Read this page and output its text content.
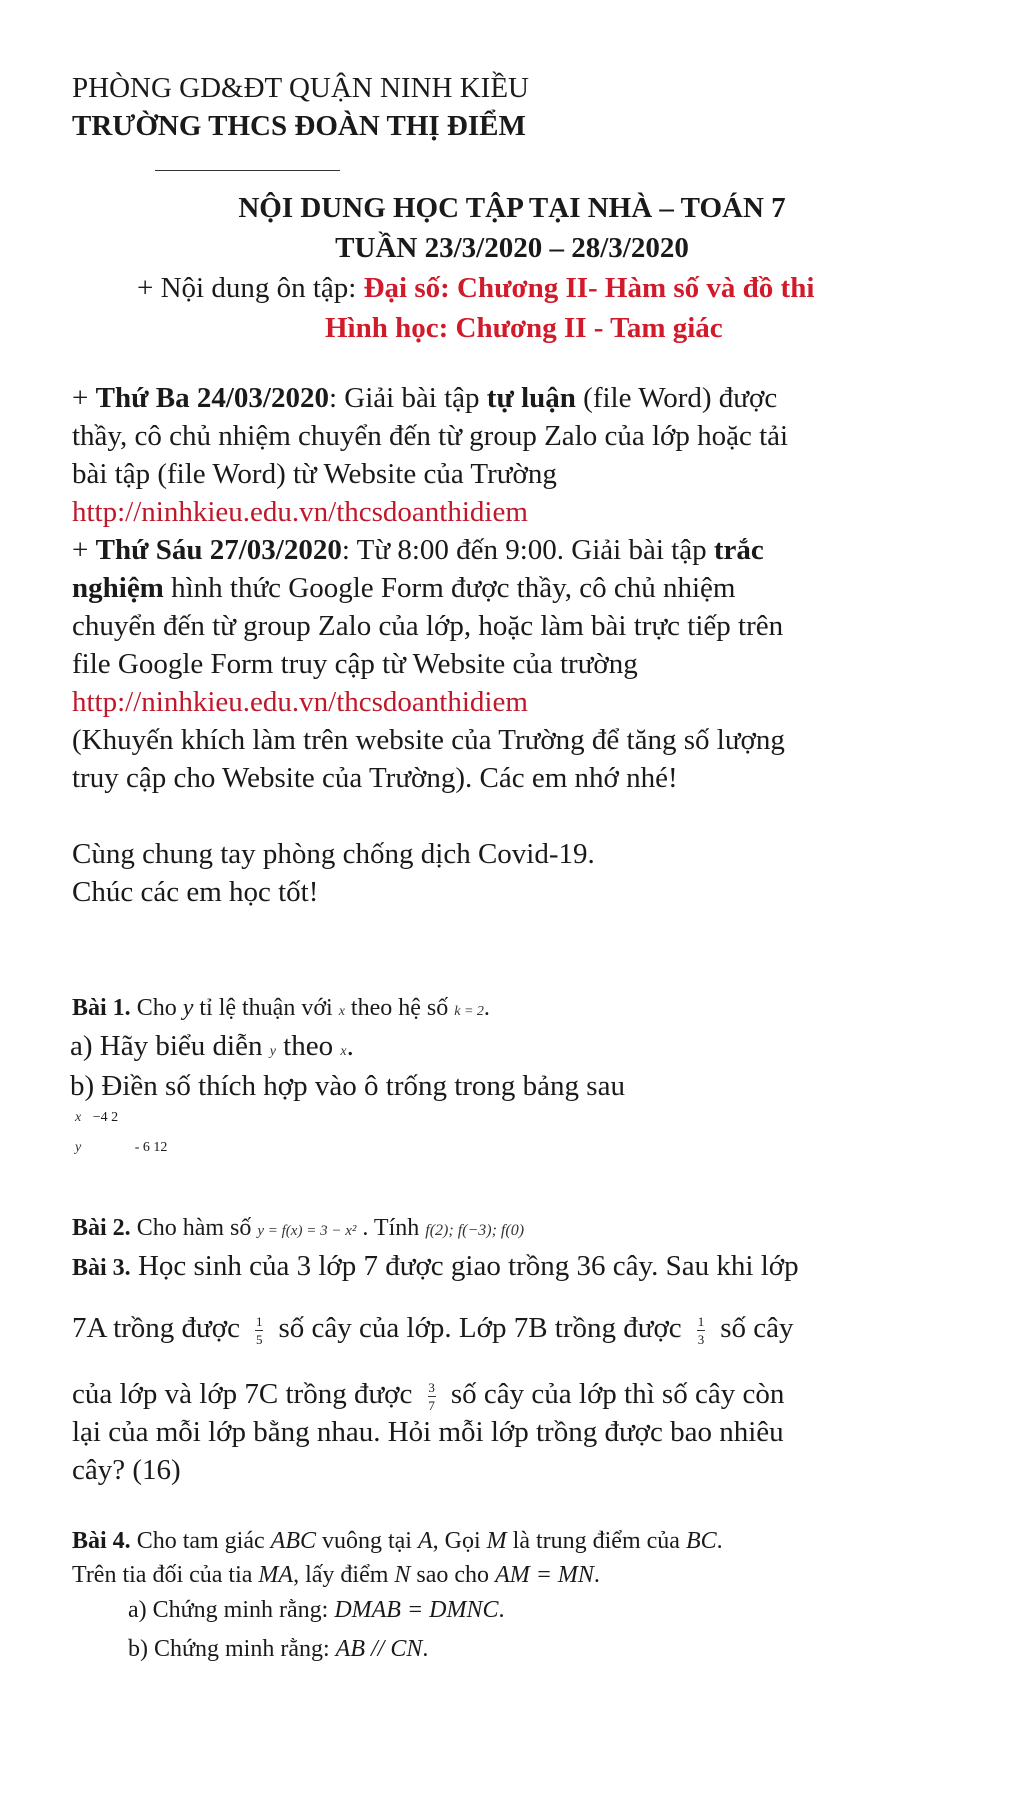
PHÒNG GD&ĐT QUẬN NINH KIỀU
TRƯỜNG THCS ĐOÀN THỊ ĐIỂM
NỘI DUNG HỌC TẬP TẠI NHÀ – TOÁN 7
TUẦN 23/3/2020 – 28/3/2020
+ Nội dung ôn tập: Đại số: Chương II- Hàm số và đồ thi
Hình học: Chương II - Tam giác
+ Thứ Ba 24/03/2020: Giải bài tập tự luận (file Word) được
thầy, cô chủ nhiệm chuyển đến từ group Zalo của lớp hoặc tải
bài tập (file Word) từ Website của Trường
http://ninhkieu.edu.vn/thcsdoanthidiem
+ Thứ Sáu 27/03/2020: Từ 8:00 đến 9:00. Giải bài tập trắc
nghiệm hình thức Google Form được thầy, cô chủ nhiệm
chuyển đến từ group Zalo của lớp, hoặc làm bài trực tiếp trên
file Google Form truy cập từ Website của trường
http://ninhkieu.edu.vn/thcsdoanthidiem
(Khuyến khích làm trên website của Trường để tăng số lượng
truy cập cho Website của Trường). Các em nhớ nhé!
Cùng chung tay phòng chống dịch Covid-19.
Chúc các em học tốt!
Bài 1. Cho y tỉ lệ thuận với x theo hệ số k = 2.
a) Hãy biểu diễn y theo x.
b) Điền số thích hợp vào ô trống trong bảng sau
x −4 2
y	- 6 12
Bài 2. Cho hàm số y = f(x) = 3 − x² . Tính f(2); f(−3); f(0)
Bài 3. Học sinh của 3 lớp 7 được giao trồng 36 cây. Sau khi lớp
7A trồng được $\frac{1}{5}$ số cây của lớp. Lớp 7B trồng được $\frac{1}{3}$ số cây
của lớp và lớp 7C trồng được $\frac{3}{7}$ số cây của lớp thì số cây còn
lại của mỗi lớp bằng nhau. Hỏi mỗi lớp trồng được bao nhiêu
cây? (16)
Bài 4. Cho tam giác ABC vuông tại A, Gọi M là trung điểm của BC.
Trên tia đối của tia MA, lấy điểm N sao cho AM = MN.
a) Chứng minh rằng: DMAB = DMNC.
b) Chứng minh rằng: AB // CN.
